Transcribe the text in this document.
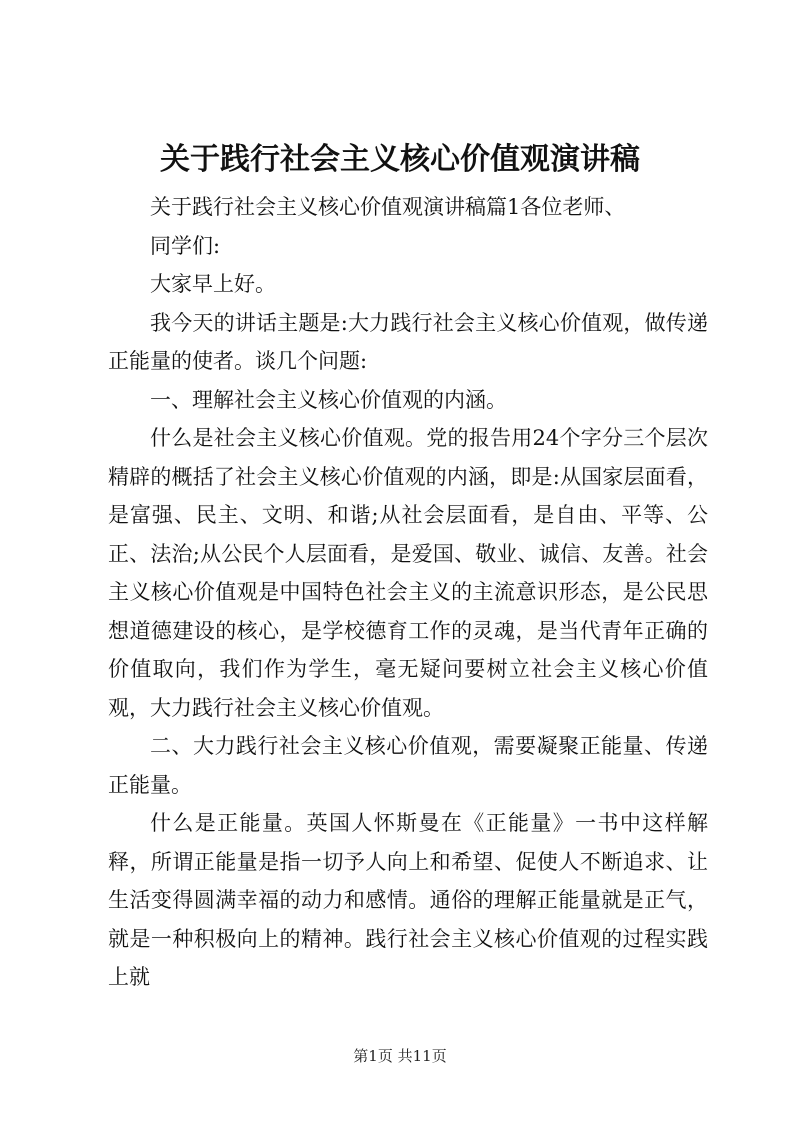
关于践行社会主义核心价值观演讲稿

关于践行社会主义核心价值观演讲稿篇1各位老师、

同学们:

大家早上好。

我今天的讲话主题是:大力践行社会主义核心价值观，做传递正能量的使者。谈几个问题:

一、理解社会主义核心价值观的内涵。

什么是社会主义核心价值观。党的报告用24个字分三个层次精辟的概括了社会主义核心价值观的内涵，即是:从国家层面看，是富强、民主、文明、和谐;从社会层面看，是自由、平等、公正、法治;从公民个人层面看，是爱国、敬业、诚信、友善。社会主义核心价值观是中国特色社会主义的主流意识形态，是公民思想道德建设的核心，是学校德育工作的灵魂，是当代青年正确的价值取向，我们作为学生，毫无疑问要树立社会主义核心价值观，大力践行社会主义核心价值观。

二、大力践行社会主义核心价值观，需要凝聚正能量、传递正能量。

什么是正能量。英国人怀斯曼在《正能量》一书中这样解释，所谓正能量是指一切予人向上和希望、促使人不断追求、让生活变得圆满幸福的动力和感情。通俗的理解正能量就是正气，就是一种积极向上的精神。践行社会主义核心价值观的过程实践上就

第1页 共11页
